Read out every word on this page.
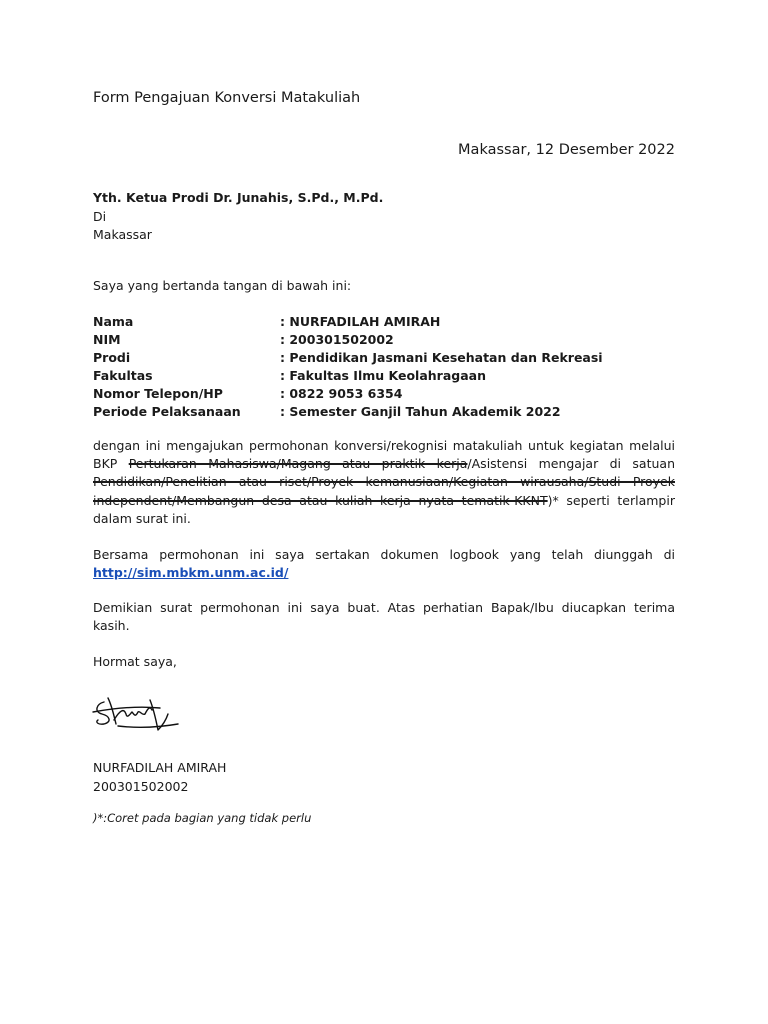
Form Pengajuan Konversi Matakuliah
Makassar, 12 Desember 2022
Yth. Ketua Prodi Dr. Junahis, S.Pd., M.Pd.
Di
Makassar
Saya yang bertanda tangan di bawah ini:
Nama	: NURFADILAH AMIRAH
NIM	: 200301502002
Prodi	: Pendidikan Jasmani Kesehatan dan Rekreasi
Fakultas	: Fakultas Ilmu Keolahragaan
Nomor Telepon/HP	: 0822 9053 6354
Periode Pelaksanaan	: Semester Ganjil Tahun Akademik 2022
dengan ini mengajukan permohonan konversi/rekognisi matakuliah untuk kegiatan melalui BKP Pertukaran Mahasiswa/Magang atau praktik kerja/Asistensi mengajar di satuan Pendidikan/Penelitian atau riset/Proyek kemanusiaan/Kegiatan wirausaha/Studi Proyek independent/Membangun desa atau kuliah kerja nyata tematik-KKNT)* seperti terlampir dalam surat ini.
Bersama permohonan ini saya sertakan dokumen logbook yang telah diunggah di http://sim.mbkm.unm.ac.id/
Demikian surat permohonan ini saya buat. Atas perhatian Bapak/Ibu diucapkan terima kasih.
Hormat saya,
NURFADILAH AMIRAH
200301502002
)*:Coret pada bagian yang tidak perlu
